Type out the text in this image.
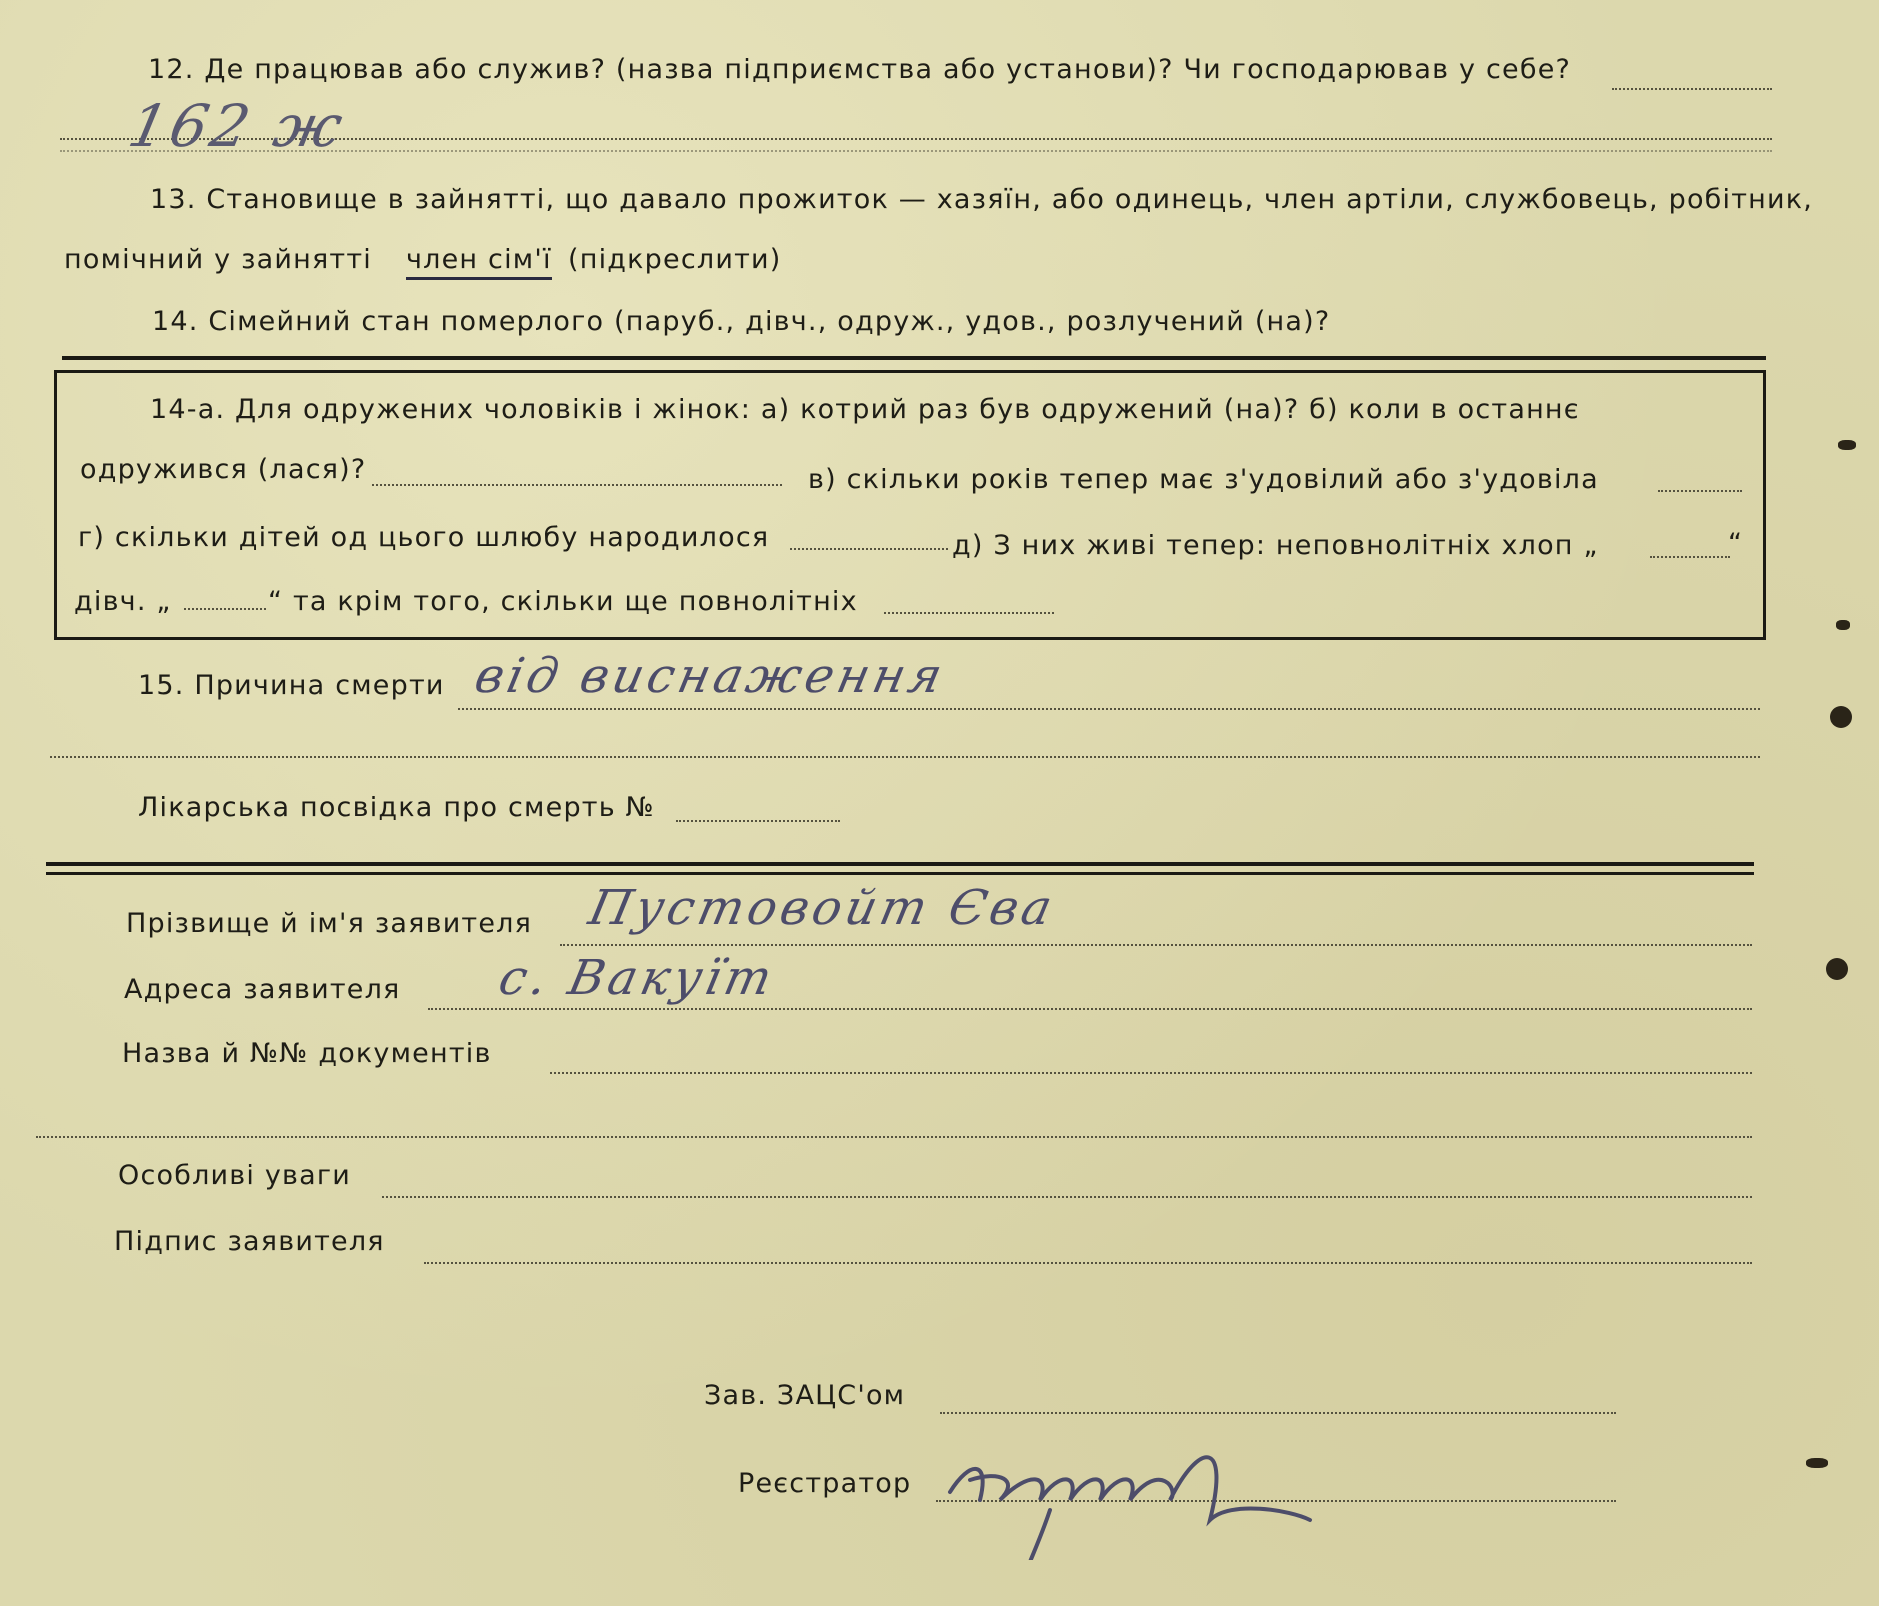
12. Де працював або служив? (назва підприємства або установи)? Чи господарював у себе?
162 ж
13. Становище в зайнятті, що давало прожиток — хазяїн, або одинець, член артіли, службовець, робітник,
помічний у зайнятті член сім'ї (підкреслити)
14. Сімейний стан померлого (паруб., дівч., одруж., удов., розлучений (на)?
14-а. Для одружених чоловіків і жінок: а) котрий раз був одружений (на)? б) коли в останнє
одружився (лася)?	в) скільки років тепер має з'удовілий або з'удовіла
г) скільки дітей од цього шлюбу народилося	д) З них живі тепер: неповнолітніх хлоп „	“
дівч. „	“ та крім того, скільки ще повнолітніх
15. Причина смерти від виснаження
Лікарська посвідка про смерть №
Прізвище й ім'я заявителя Пустовойт Єва
Адреса заявителя с. Вакуїт
Назва й №№ документів
Особливі уваги
Підпис заявителя
Зав. ЗАЦС'ом
Реєстратор
